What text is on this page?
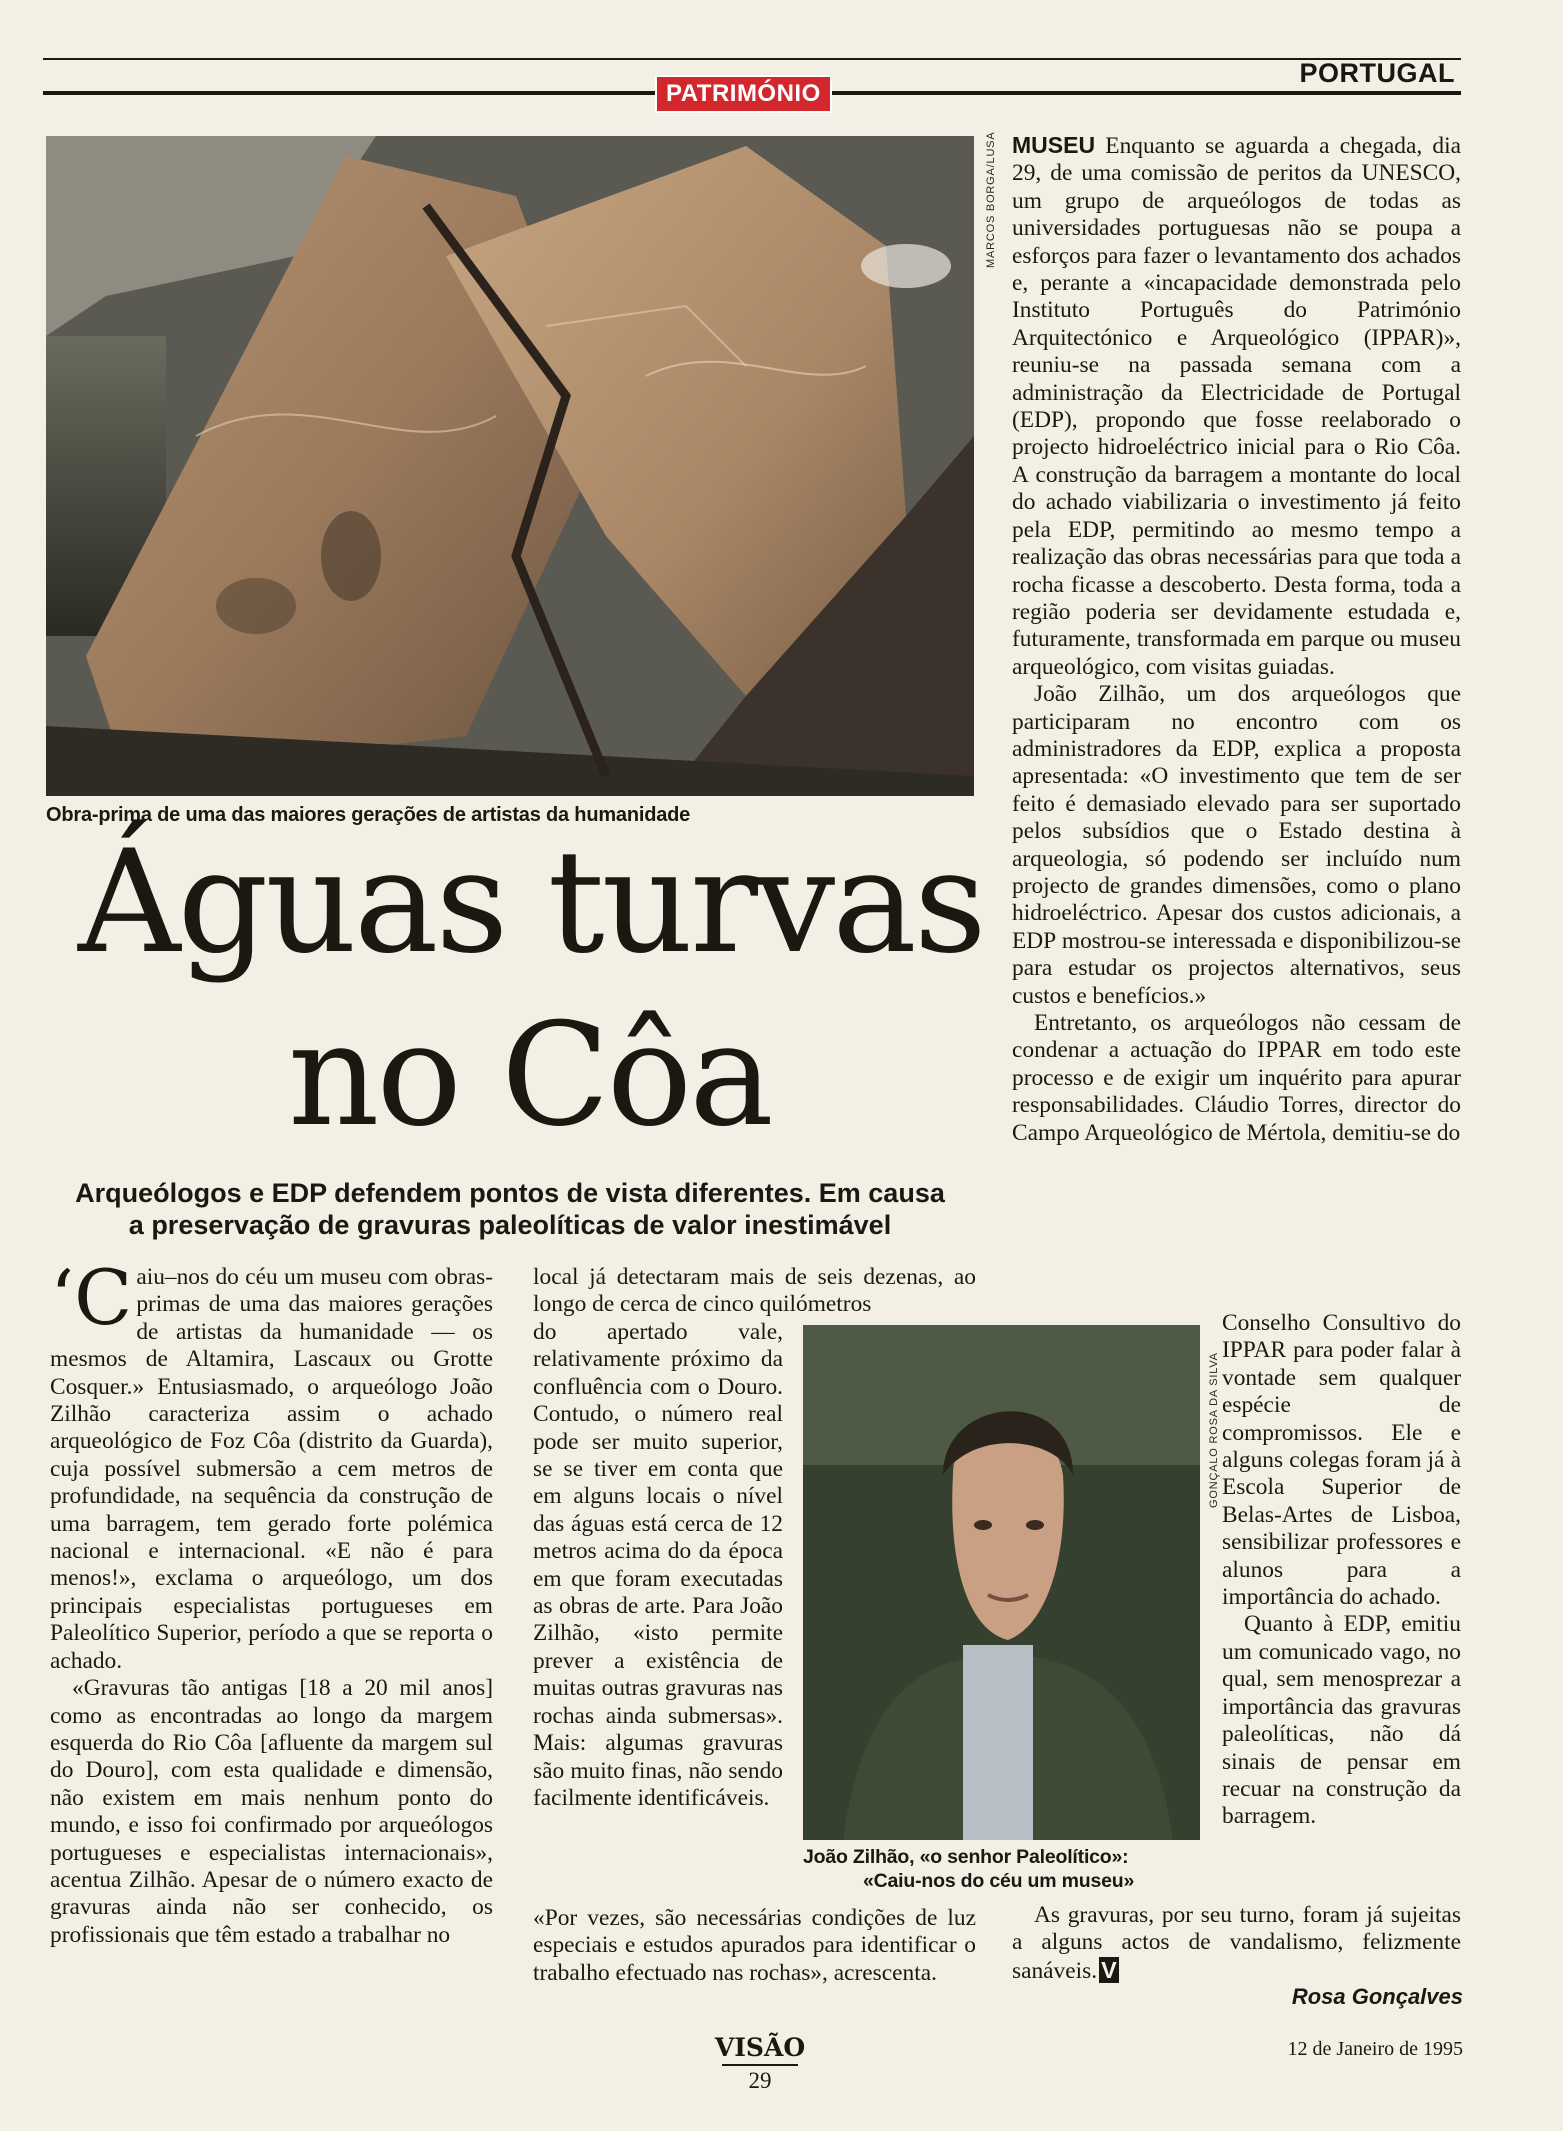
PATRIMÓNIO
PORTUGAL
MARCOS BORGA/LUSA
Obra-prima de uma das maiores gerações de artistas da humanidade
Águas turvas
no Côa
Arqueólogos e EDP defendem pontos de vista diferentes. Em causa
a preservação de gravuras paleolíticas de valor inestimável

‘Caiu–nos do céu um museu com obras-primas de uma das maiores gerações de artistas da humanidade — os mesmos de Altamira, Lascaux ou Grotte Cosquer.» Entusiasmado, o arqueólogo João Zilhão caracteriza assim o achado arqueológico de Foz Côa (distrito da Guarda), cuja possível submersão a cem metros de profundidade, na sequência da construção de uma barragem, tem gerado forte polémica nacional e internacional. «E não é para menos!», exclama o arqueólogo, um dos principais especialistas portugueses em Paleolítico Superior, período a que se reporta o achado.

«Gravuras tão antigas [18 a 20 mil anos] como as encontradas ao longo da margem esquerda do Rio Côa [afluente da margem sul do Douro], com esta qualidade e dimensão, não existem em mais nenhum ponto do mundo, e isso foi confirmado por arqueólogos portugueses e especialistas internacionais», acentua Zilhão. Apesar de o número exacto de gravuras ainda não ser conhecido, os profissionais que têm estado a trabalhar no

local já detectaram mais de seis dezenas, ao longo de cerca de cinco quilómetros

do apertado vale, relativamente próximo da confluência com o Douro. Contudo, o número real pode ser muito superior, se se tiver em conta que em alguns locais o nível das águas está cerca de 12 metros acima do da época em que foram executadas as obras de arte. Para João Zilhão, «isto permite prever a existência de muitas outras gravuras nas rochas ainda submersas». Mais: algumas gravuras são muito finas, não sendo facilmente identificáveis.

«Por vezes, são necessárias condições de luz especiais e estudos apurados para identificar o trabalho efectuado nas rochas», acrescenta.

GONÇALO ROSA DA SILVA
João Zilhão, «o senhor Paleolítico»:
«Caiu-nos do céu um museu»

MUSEU Enquanto se aguarda a chegada, dia 29, de uma comissão de peritos da UNESCO, um grupo de arqueólogos de todas as universidades portuguesas não se poupa a esforços para fazer o levantamento dos achados e, perante a «incapacidade demonstrada pelo Instituto Português do Património Arquitectónico e Arqueológico (IPPAR)», reuniu-se na passada semana com a administração da Electricidade de Portugal (EDP), propondo que fosse reelaborado o projecto hidroeléctrico inicial para o Rio Côa. A construção da barragem a montante do local do achado viabilizaria o investimento já feito pela EDP, permitindo ao mesmo tempo a realização das obras necessárias para que toda a rocha ficasse a descoberto. Desta forma, toda a região poderia ser devidamente estudada e, futuramente, transformada em parque ou museu arqueológico, com visitas guiadas.

João Zilhão, um dos arqueólogos que participaram no encontro com os administradores da EDP, explica a proposta apresentada: «O investimento que tem de ser feito é demasiado elevado para ser suportado pelos subsídios que o Estado destina à arqueologia, só podendo ser incluído num projecto de grandes dimensões, como o plano hidroeléctrico. Apesar dos custos adicionais, a EDP mostrou-se interessada e disponibilizou-se para estudar os projectos alternativos, seus custos e benefícios.»

Entretanto, os arqueólogos não cessam de condenar a actuação do IPPAR em todo este processo e de exigir um inquérito para apurar responsabilidades. Cláudio Torres, director do Campo Arqueológico de Mértola, demitiu-se do

Conselho Consultivo do IPPAR para poder falar à vontade sem qualquer espécie de compromissos. Ele e alguns colegas foram já à Escola Superior de Belas-Artes de Lisboa, sensibilizar professores e alunos para a importância do achado.

Quanto à EDP, emitiu um comunicado vago, no qual, sem menosprezar a importância das gravuras paleolíticas, não dá sinais de pensar em recuar na construção da barragem.

As gravuras, por seu turno, foram já sujeitas a alguns actos de vandalismo, felizmente sanáveis. V

Rosa Gonçalves
VISÃO
29
12 de Janeiro de 1995
